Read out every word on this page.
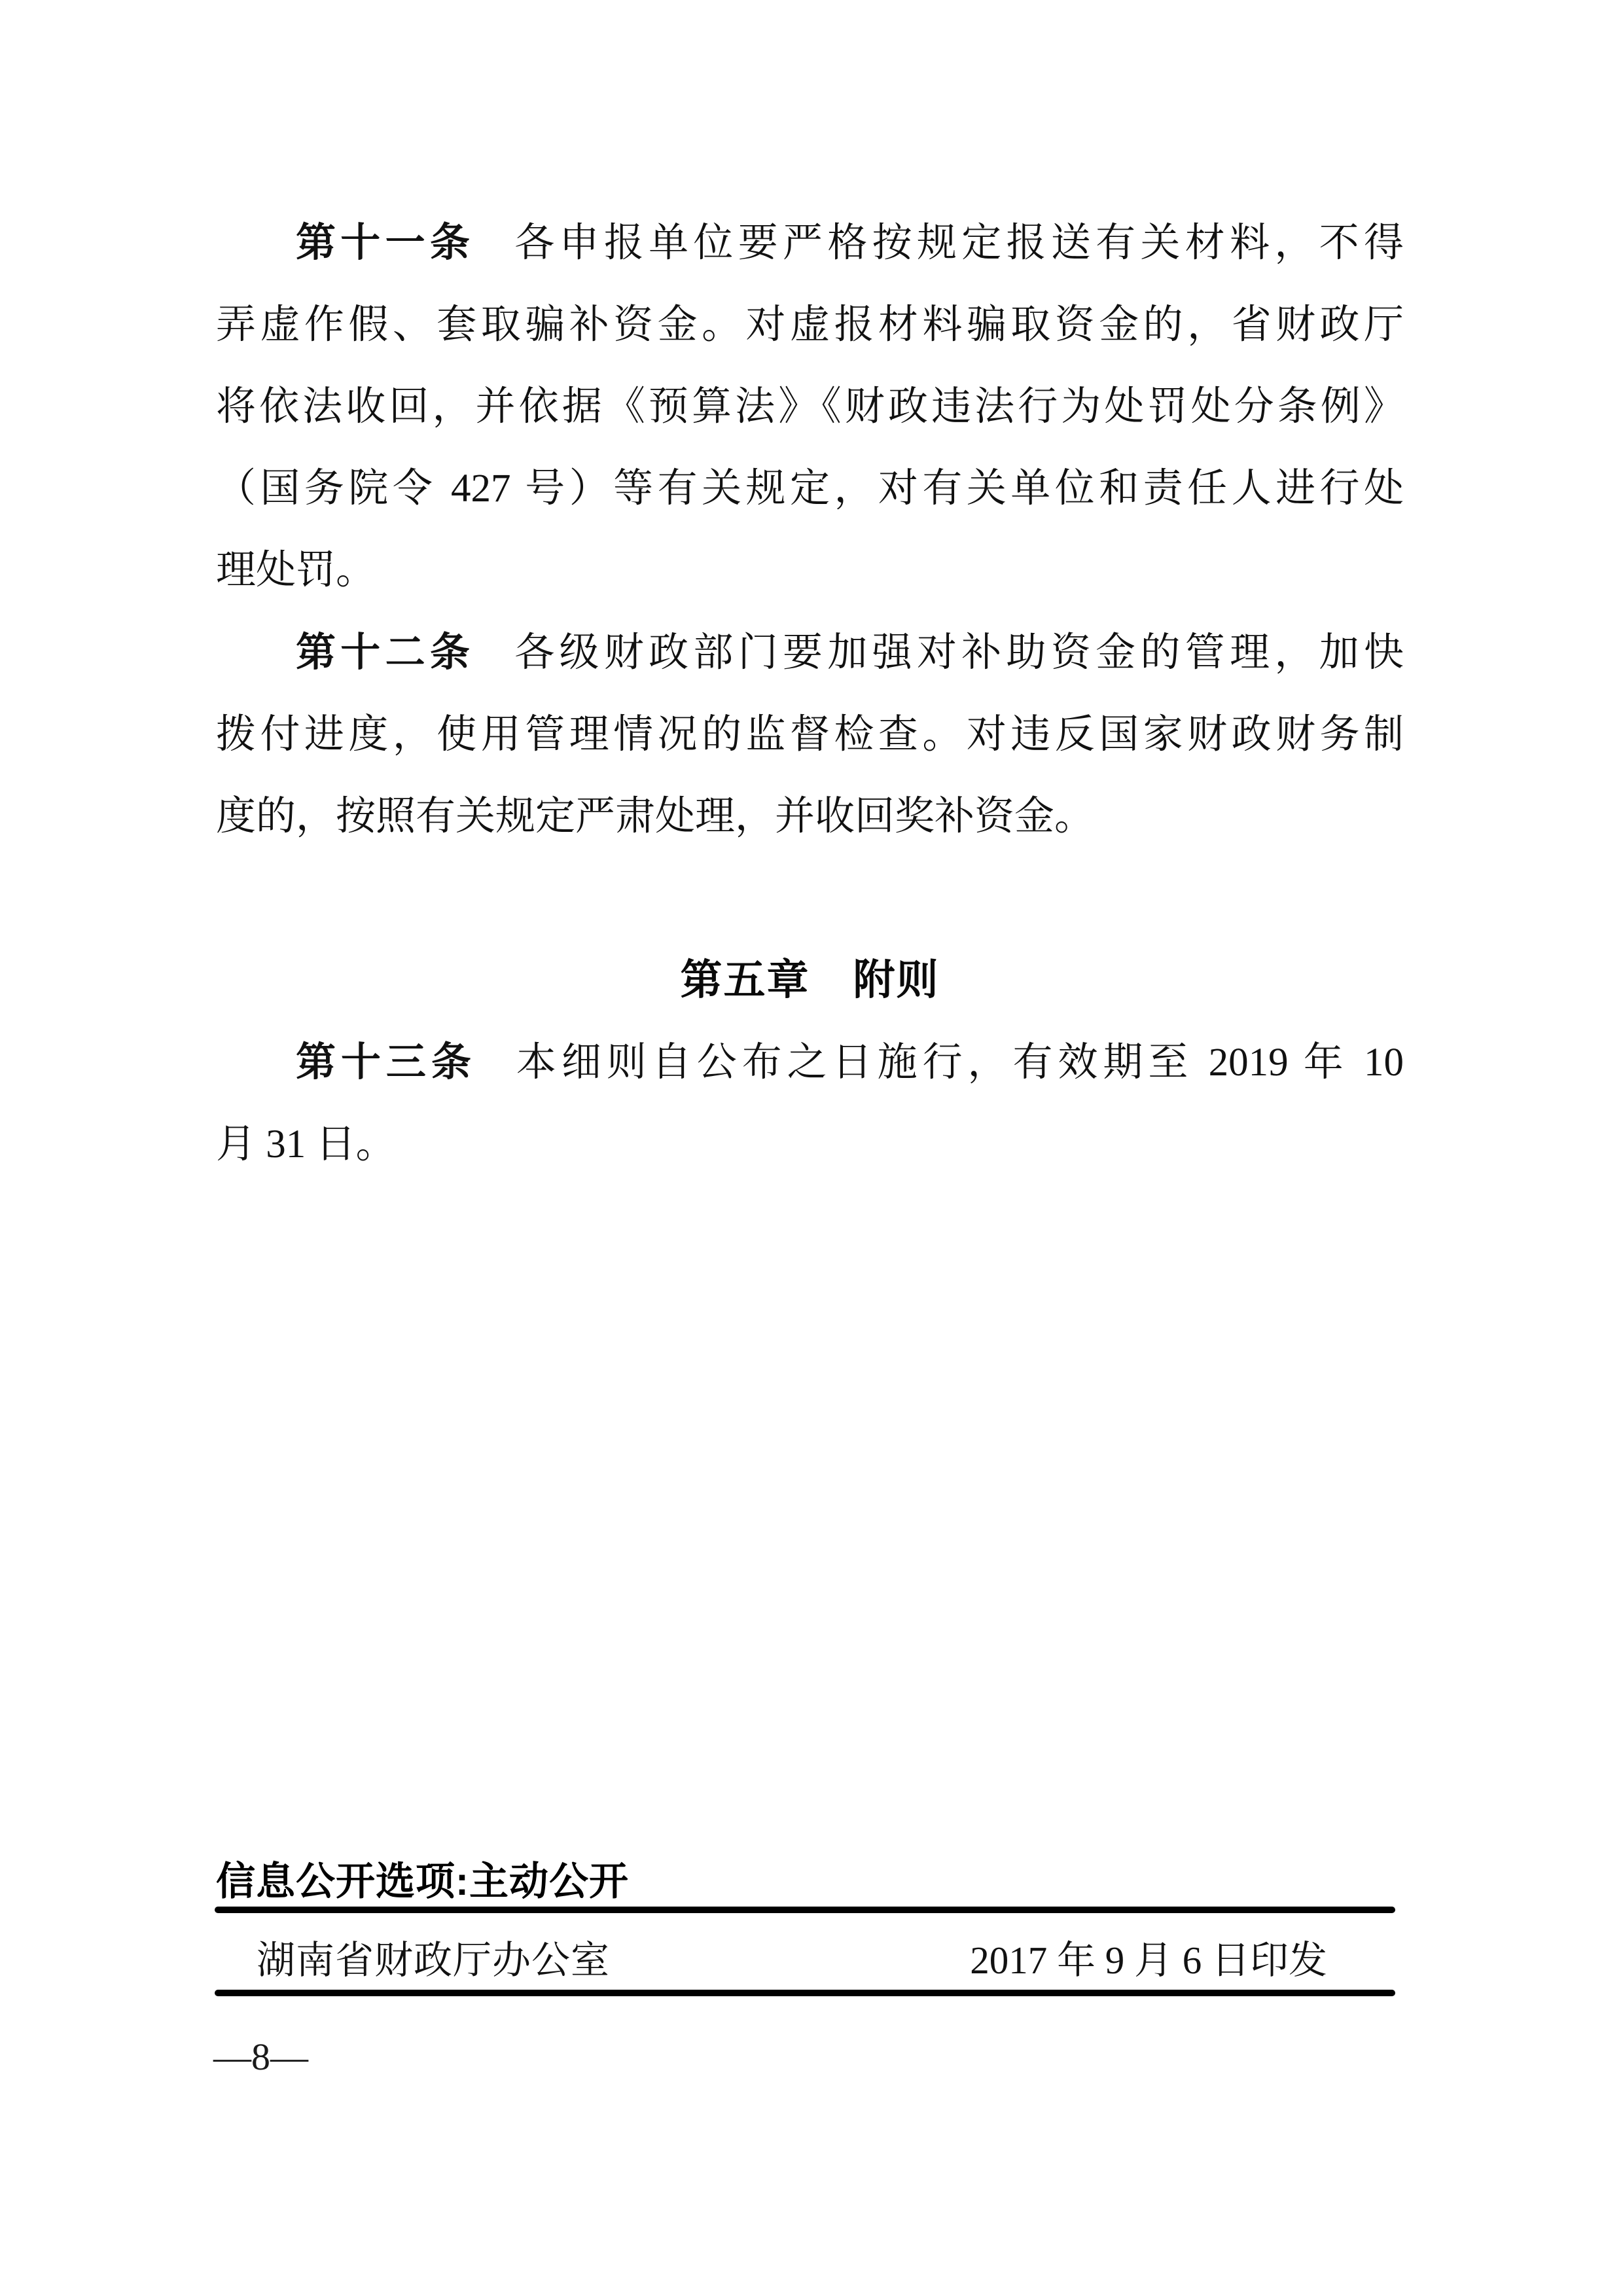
第十一条 各申报单位要严格按规定报送有关材料，不得
弄虚作假、套取骗补资金。对虚报材料骗取资金的，省财政厅
将依法收回，并依据《预算法》《财政违法行为处罚处分条例》
（国务院令 427 号）等有关规定，对有关单位和责任人进行处
理处罚。
第十二条 各级财政部门要加强对补助资金的管理，加快
拨付进度，使用管理情况的监督检查。对违反国家财政财务制
度的，按照有关规定严肃处理，并收回奖补资金。
第五章　附则
第十三条 本细则自公布之日施行，有效期至 2019 年 10
月 31 日。
信息公开选项:主动公开
湖南省财政厅办公室	2017 年 9 月 6 日印发
—8—
